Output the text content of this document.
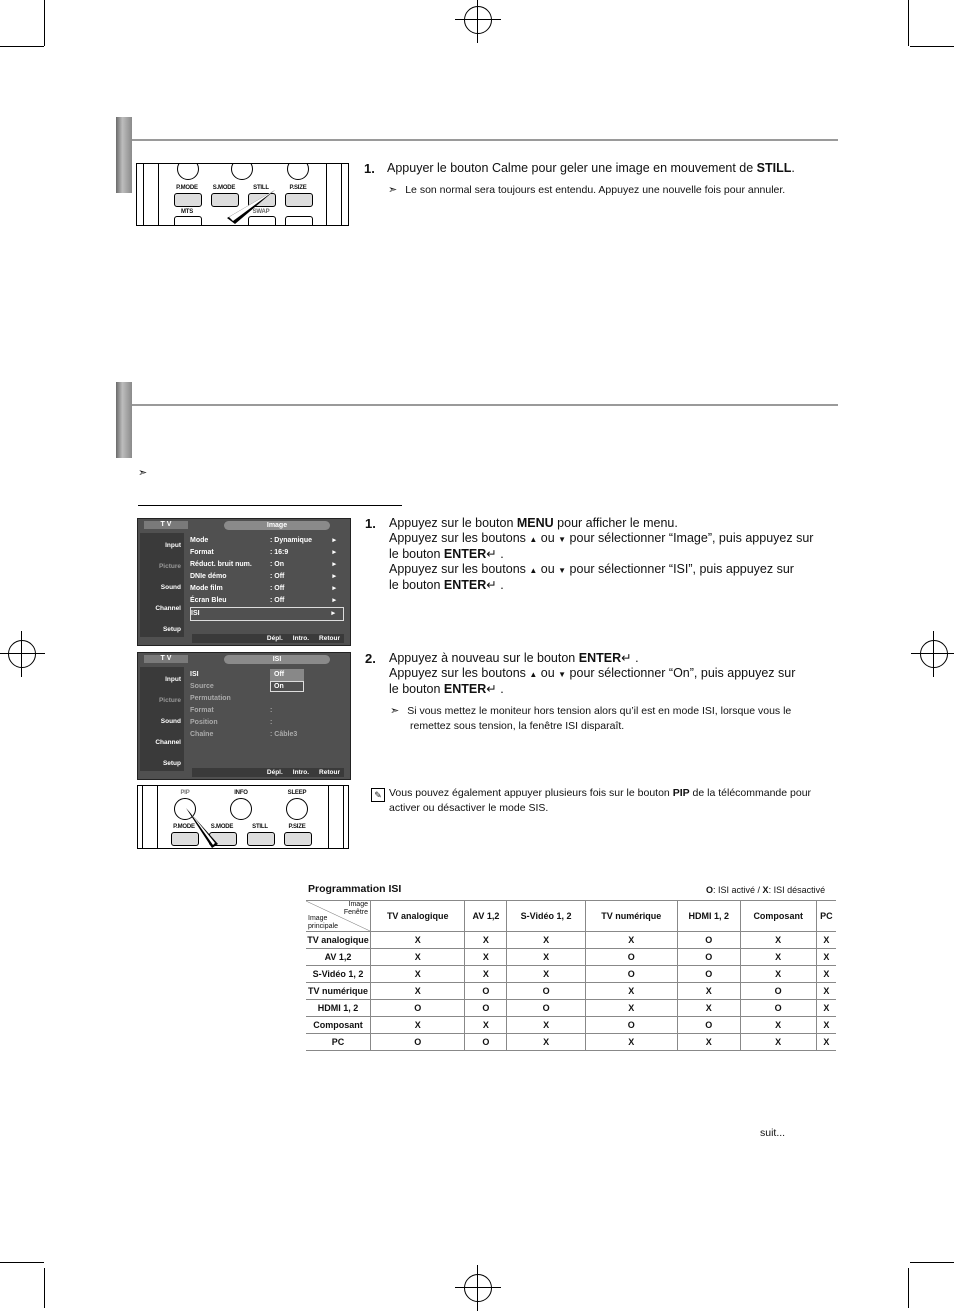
P.MODE	S.MODE	STILL	P.SIZE
MTS	SWAP
1. Appuyer le bouton Calme pour geler une image en mouvement de STILL.
➣ Le son normal sera toujours est entendu. Appuyez une nouvelle fois pour annuler.
➣
T V	Image
Input
Picture
Sound
Channel
Setup
Mode	: Dynamique	▸
Format	: 16:9	▸
Réduct. bruit num.	: On	▸
DNIe démo	: Off	▸
Mode film	: Off	▸
Écran Bleu	: Off	▸
ISI	▸
Dépl. Intro. Retour
T V	ISI
Input
Picture
Sound
Channel
Setup
ISI	Off
Source	On
Permutation
Format	:
Position	:
Chaîne	: Câble3
Dépl. Intro. Retour
PIP	INFO	SLEEP
P.MODE	S.MODE	STILL	P.SIZE
1. Appuyez sur le bouton MENU pour afficher le menu.
Appuyez sur les boutons ▲ ou ▼ pour sélectionner “Image”, puis appuyez sur
le bouton ENTER↵ .
Appuyez sur les boutons ▲ ou ▼ pour sélectionner “ISI”, puis appuyez sur
le bouton ENTER↵ .
2. Appuyez à nouveau sur le bouton ENTER↵ .
Appuyez sur les boutons ▲ ou ▼ pour sélectionner “On”, puis appuyez sur
le bouton ENTER↵ .
➣ Si vous mettez le moniteur hors tension alors qu’il est en mode ISI, lorsque vous le
remettez sous tension, la fenêtre ISI disparaît.
✎ Vous pouvez également appuyer plusieurs fois sur le bouton PIP de la télécommande pour
activer ou désactiver le mode SIS.
Programmation ISI	O: ISI activé / X: ISI désactivé
Image
Fenêtre
Image
principale	TV analogique	AV 1,2	S-Vidéo 1, 2	TV numérique	HDMI 1, 2	Composant	PC
TV analogique	X	X	X	X	O	X	X
AV 1,2	X	X	X	O	O	X	X
S-Vidéo 1, 2	X	X	X	O	O	X	X
TV numérique	X	O	O	X	X	O	X
HDMI 1, 2	O	O	O	X	X	O	X
Composant	X	X	X	O	O	X	X
PC	O	O	X	X	X	X	X
suit...
